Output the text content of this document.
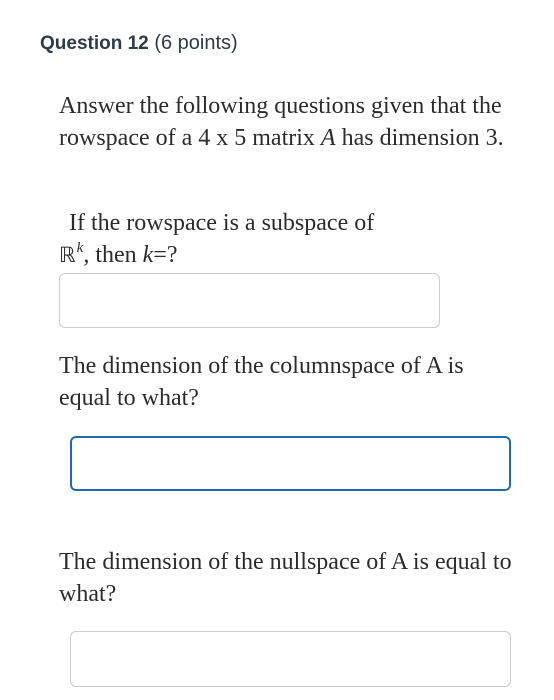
Question 12 (6 points)
Answer the following questions given that the rowspace of a 4 x 5 matrix A has dimension 3.
If the rowspace is a subspace of
ℝ$^k$, then k=?
The dimension of the columnspace of A is equal to what?
The dimension of the nullspace of A is equal to what?
